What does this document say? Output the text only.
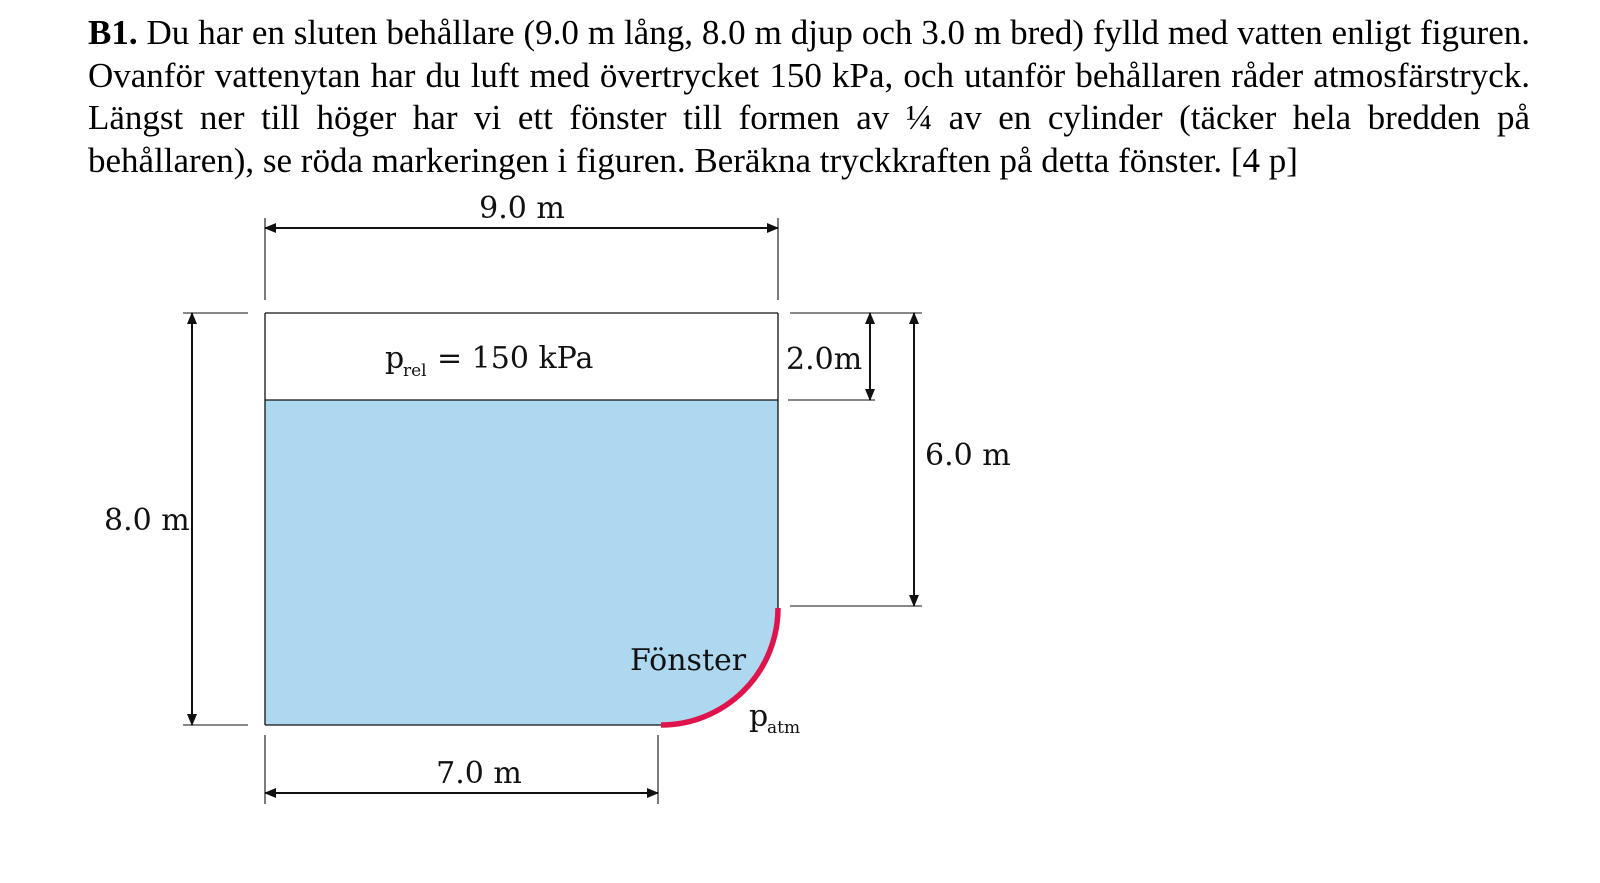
B1. Du har en sluten behållare (9.0 m lång, 8.0 m djup och 3.0 m bred) fylld med vatten enligt figuren. Ovanför vattenytan har du luft med övertrycket 150 kPa, och utanför behållaren råder atmosfärstryck. Längst ner till höger har vi ett fönster till formen av ¼ av en cylinder (täcker hela bredden på behållaren), se röda markeringen i figuren. Beräkna tryckkraften på detta fönster. [4 p]
9.0 m
8.0 m
2.0m
6.0 m
7.0 m
p
rel = 150 kPa
Fönster
p
atm
